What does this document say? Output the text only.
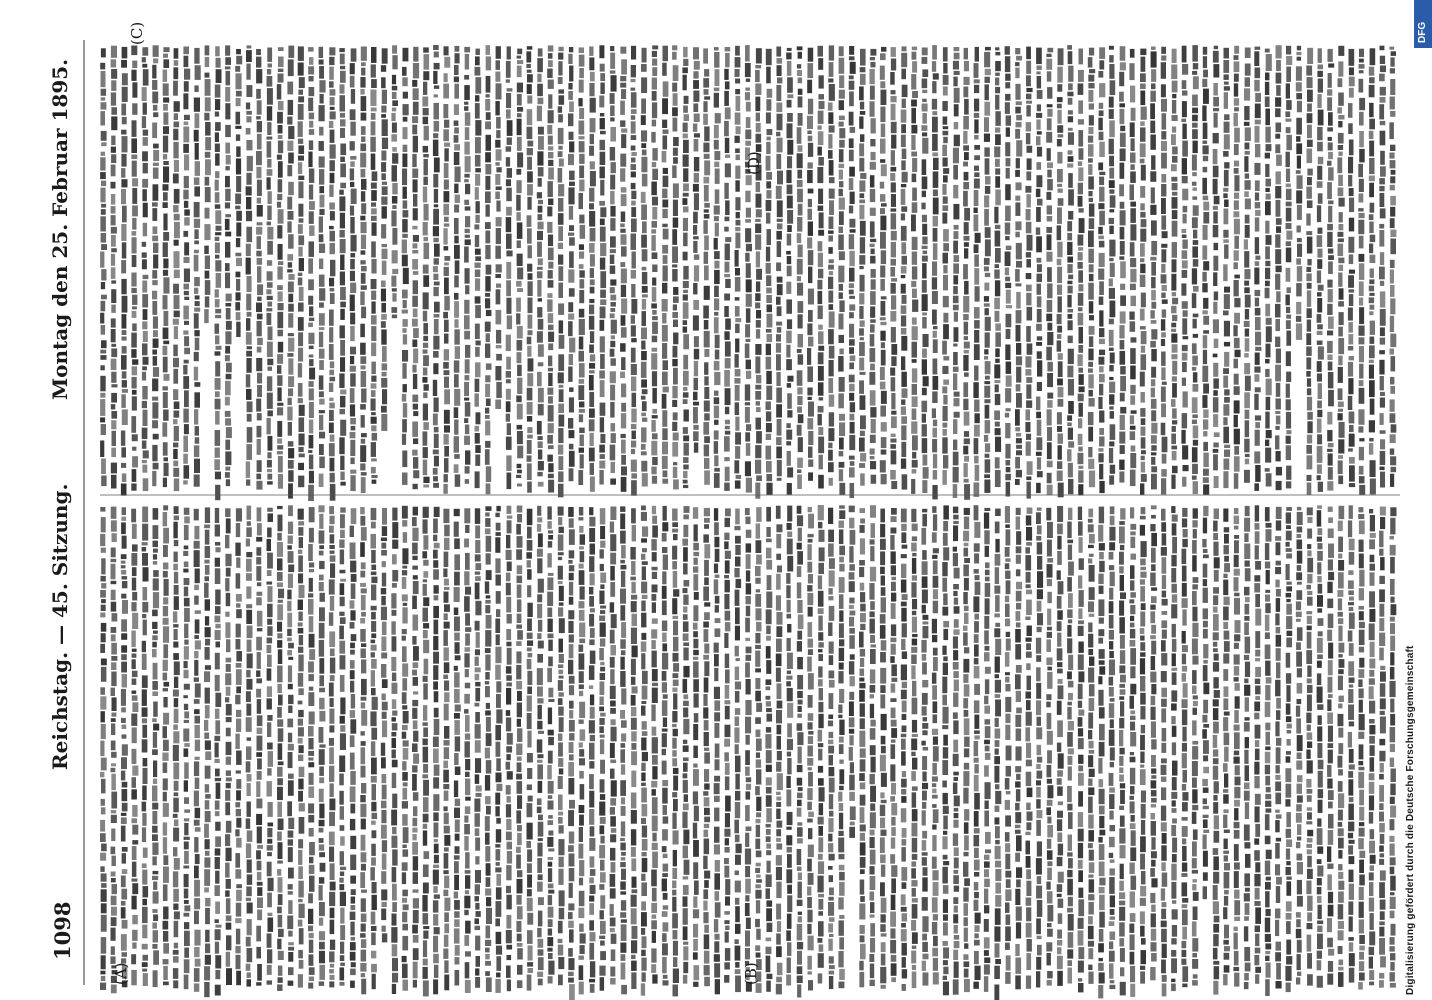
1098
Reichstag. — 45. Sitzung.
Montag den 25. Februar 1895.
(A)	(B)
(C)
(D)
Digitalisierung gefördert durch die Deutsche Forschungsgemeinschaft
DFG
